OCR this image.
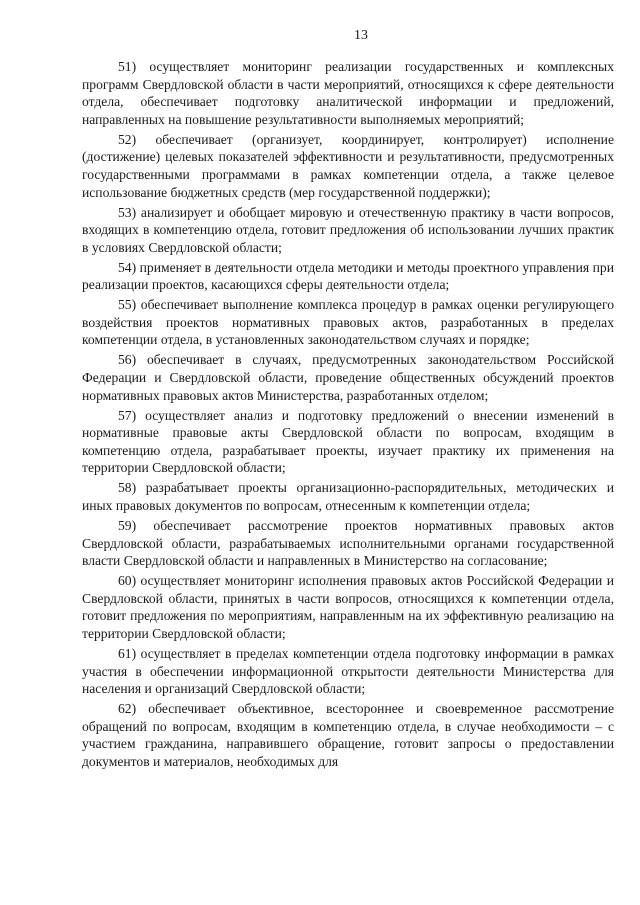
13

51) осуществляет мониторинг реализации государственных и комплексных программ Свердловской области в части мероприятий, относящихся к сфере деятельности отдела, обеспечивает подготовку аналитической информации и предложений, направленных на повышение результативности выполняемых мероприятий;

52) обеспечивает (организует, координирует, контролирует) исполнение (достижение) целевых показателей эффективности и результативности, предусмотренных государственными программами в рамках компетенции отдела, а также целевое использование бюджетных средств (мер государственной поддержки);

53) анализирует и обобщает мировую и отечественную практику в части вопросов, входящих в компетенцию отдела, готовит предложения об использовании лучших практик в условиях Свердловской области;

54) применяет в деятельности отдела методики и методы проектного управления при реализации проектов, касающихся сферы деятельности отдела;

55) обеспечивает выполнение комплекса процедур в рамках оценки регулирующего воздействия проектов нормативных правовых актов, разработанных в пределах компетенции отдела, в установленных законодательством случаях и порядке;

56) обеспечивает в случаях, предусмотренных законодательством Российской Федерации и Свердловской области, проведение общественных обсуждений проектов нормативных правовых актов Министерства, разработанных отделом;

57) осуществляет анализ и подготовку предложений о внесении изменений в нормативные правовые акты Свердловской области по вопросам, входящим в компетенцию отдела, разрабатывает проекты, изучает практику их применения на территории Свердловской области;

58) разрабатывает проекты организационно-распорядительных, методических и иных правовых документов по вопросам, отнесенным к компетенции отдела;

59) обеспечивает рассмотрение проектов нормативных правовых актов Свердловской области, разрабатываемых исполнительными органами государственной власти Свердловской области и направленных в Министерство на согласование;

60) осуществляет мониторинг исполнения правовых актов Российской Федерации и Свердловской области, принятых в части вопросов, относящихся к компетенции отдела, готовит предложения по мероприятиям, направленным на их эффективную реализацию на территории Свердловской области;

61) осуществляет в пределах компетенции отдела подготовку информации в рамках участия в обеспечении информационной открытости деятельности Министерства для населения и организаций Свердловской области;

62) обеспечивает объективное, всестороннее и своевременное рассмотрение обращений по вопросам, входящим в компетенцию отдела, в случае необходимости – с участием гражданина, направившего обращение, готовит запросы о предоставлении документов и материалов, необходимых для
